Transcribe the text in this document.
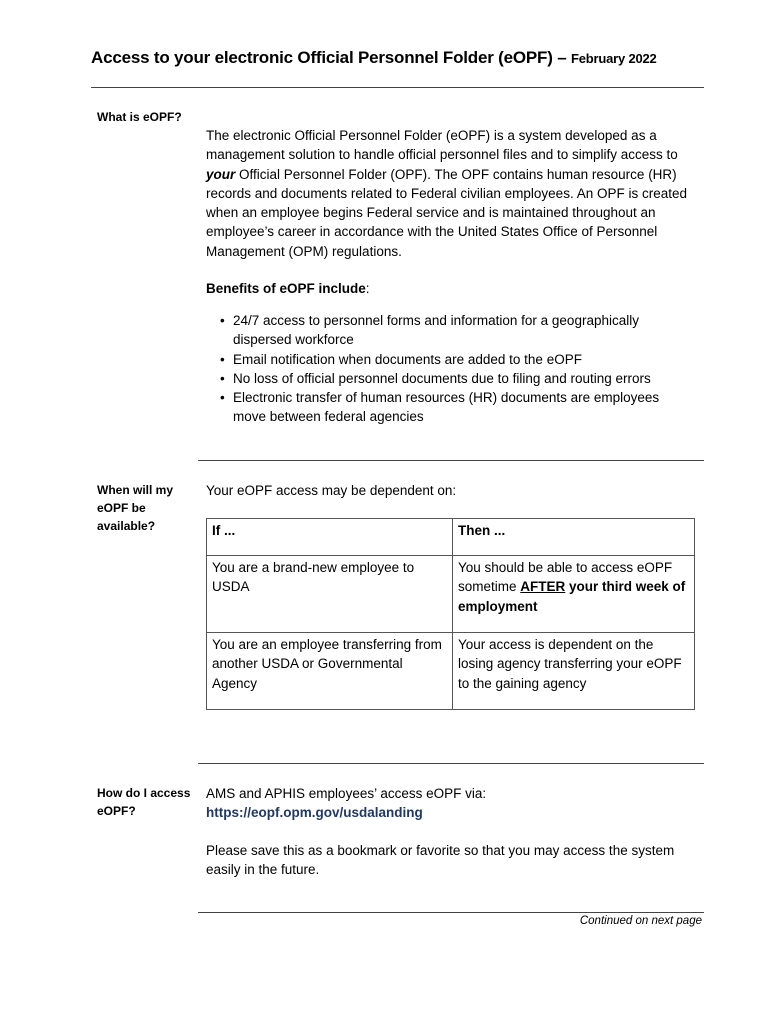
Access to your electronic Official Personnel Folder (eOPF) – February 2022
What is eOPF?

The electronic Official Personnel Folder (eOPF) is a system developed as a management solution to handle official personnel files and to simplify access to your Official Personnel Folder (OPF). The OPF contains human resource (HR) records and documents related to Federal civilian employees. An OPF is created when an employee begins Federal service and is maintained throughout an employee’s career in accordance with the United States Office of Personnel Management (OPM) regulations.

Benefits of eOPF include:
• 24/7 access to personnel forms and information for a geographically dispersed workforce
• Email notification when documents are added to the eOPF
• No loss of official personnel documents due to filing and routing errors
• Electronic transfer of human resources (HR) documents are employees move between federal agencies
When will my eOPF be available?
Your eOPF access may be dependent on:
If ...	Then ...
You are a brand-new employee to USDA	You should be able to access eOPF sometime AFTER your third week of employment
You are an employee transferring from another USDA or Governmental Agency	Your access is dependent on the losing agency transferring your eOPF to the gaining agency
How do I access eOPF?

AMS and APHIS employees’ access eOPF via:

https://eopf.opm.gov/usdalanding

Please save this as a bookmark or favorite so that you may access the system easily in the future.
Continued on next page
